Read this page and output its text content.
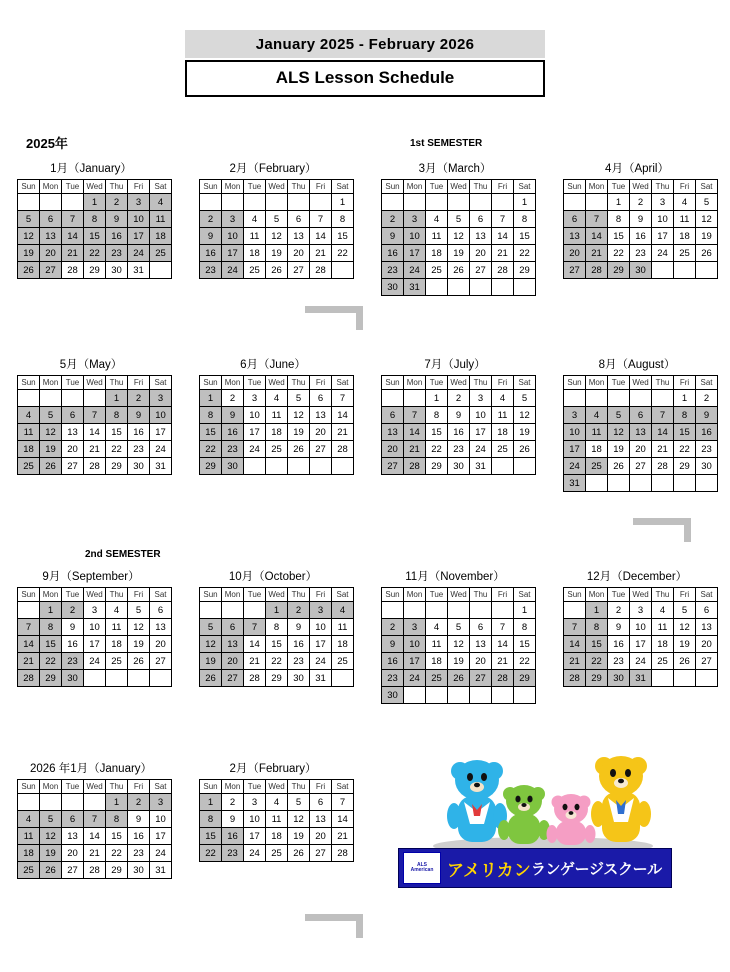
January 2025 - February 2026
ALS Lesson Schedule
2025年	1st SEMESTER
2nd SEMESTER
1月（January）
Sun	Mon	Tue	Wed	Thu	Fri	Sat
			1	2	3	4
5	6	7	8	9	10	11
12	13	14	15	16	17	18
19	20	21	22	23	24	25
26	27	28	29	30	31	
2月（February）
Sun	Mon	Tue	Wed	Thu	Fri	Sat
						1
2	3	4	5	6	7	8
9	10	11	12	13	14	15
16	17	18	19	20	21	22
23	24	25	26	27	28	
3月（March）
Sun	Mon	Tue	Wed	Thu	Fri	Sat
						1
2	3	4	5	6	7	8
9	10	11	12	13	14	15
16	17	18	19	20	21	22
23	24	25	26	27	28	29
30	31					
4月（April）
Sun	Mon	Tue	Wed	Thu	Fri	Sat
		1	2	3	4	5
6	7	8	9	10	11	12
13	14	15	16	17	18	19
20	21	22	23	24	25	26
27	28	29	30			
5月（May）
Sun	Mon	Tue	Wed	Thu	Fri	Sat
				1	2	3
4	5	6	7	8	9	10
11	12	13	14	15	16	17
18	19	20	21	22	23	24
25	26	27	28	29	30	31
6月（June）
Sun	Mon	Tue	Wed	Thu	Fri	Sat
1	2	3	4	5	6	7
8	9	10	11	12	13	14
15	16	17	18	19	20	21
22	23	24	25	26	27	28
29	30					
7月（July）
Sun	Mon	Tue	Wed	Thu	Fri	Sat
		1	2	3	4	5
6	7	8	9	10	11	12
13	14	15	16	17	18	19
20	21	22	23	24	25	26
27	28	29	30	31		
8月（August）
Sun	Mon	Tue	Wed	Thu	Fri	Sat
					1	2
3	4	5	6	7	8	9
10	11	12	13	14	15	16
17	18	19	20	21	22	23
24	25	26	27	28	29	30
31						
9月（September）
Sun	Mon	Tue	Wed	Thu	Fri	Sat
	1	2	3	4	5	6
7	8	9	10	11	12	13
14	15	16	17	18	19	20
21	22	23	24	25	26	27
28	29	30				
10月（October）
Sun	Mon	Tue	Wed	Thu	Fri	Sat
			1	2	3	4
5	6	7	8	9	10	11
12	13	14	15	16	17	18
19	20	21	22	23	24	25
26	27	28	29	30	31	
11月（November）
Sun	Mon	Tue	Wed	Thu	Fri	Sat
						1
2	3	4	5	6	7	8
9	10	11	12	13	14	15
16	17	18	19	20	21	22
23	24	25	26	27	28	29
30						
12月（December）
Sun	Mon	Tue	Wed	Thu	Fri	Sat
	1	2	3	4	5	6
7	8	9	10	11	12	13
14	15	16	17	18	19	20
21	22	23	24	25	26	27
28	29	30	31			
2026 年1月（January）
Sun	Mon	Tue	Wed	Thu	Fri	Sat
				1	2	3
4	5	6	7	8	9	10
11	12	13	14	15	16	17
18	19	20	21	22	23	24
25	26	27	28	29	30	31
2月（February）
Sun	Mon	Tue	Wed	Thu	Fri	Sat
1	2	3	4	5	6	7
8	9	10	11	12	13	14
15	16	17	18	19	20	21
22	23	24	25	26	27	28
ALS
American アメリカン ランゲージスクール
